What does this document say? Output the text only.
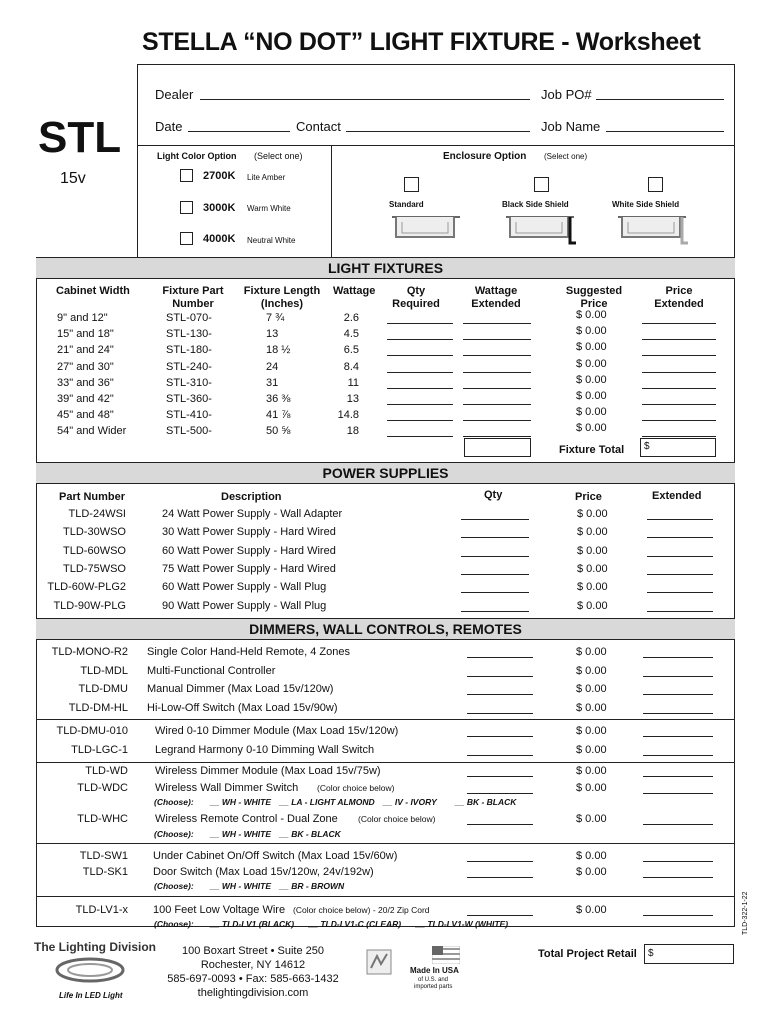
STELLA “NO DOT” LIGHT FIXTURE - Worksheet
STL
15v
Dealer	Job PO#
Date	Contact	Job Name
Light Color Option (Select one)
2700K Lite Amber
3000K Warm White
4000K Neutral White
Enclosure Option (Select one)
Standard	Black Side Shield	White Side Shield
LIGHT FIXTURES
Cabinet Width	Fixture Part Number
Fixture Length (Inches)
Wattage	Qty Required
Wattage Extended
Suggested Price
Price Extended
9" and 12"	STL-070-	7 ¾	2.6	$ 0.00
15" and 18"	STL-130-	13	4.5	$ 0.00
21" and 24"	STL-180-	18 ½	6.5	$ 0.00
27" and 30"	STL-240-	24	8.4	$ 0.00
33" and 36"	STL-310-	31	11	$ 0.00
39" and 42"	STL-360-	36 ⅜	13	$ 0.00
45" and 48"	STL-410-	41 ⅞	14.8	$ 0.00
54" and Wider	STL-500-	50 ⅝	18	$ 0.00
Fixture Total $
POWER SUPPLIES
Part Number	Description	Qty	Price	Extended
TLD-24WSI	24 Watt Power Supply - Wall Adapter	$ 0.00
TLD-30WSO	30 Watt Power Supply - Hard Wired	$ 0.00
TLD-60WSO	60 Watt Power Supply - Hard Wired	$ 0.00
TLD-75WSO	75 Watt Power Supply - Hard Wired	$ 0.00
TLD-60W-PLG2	60 Watt Power Supply - Wall Plug	$ 0.00
TLD-90W-PLG	90 Watt Power Supply - Wall Plug	$ 0.00
DIMMERS, WALL CONTROLS, REMOTES
TLD-MONO-R2 Single Color Hand-Held Remote, 4 Zones	$ 0.00
TLD-MDL Multi-Functional Controller	$ 0.00
TLD-DMU Manual Dimmer (Max Load 15v/120w)	$ 0.00
TLD-DM-HL Hi-Low-Off Switch (Max Load 15v/90w)	$ 0.00
TLD-DMU-010 Wired 0-10 Dimmer Module (Max Load 15v/120w)	$ 0.00
TLD-LGC-1 Legrand Harmony 0-10 Dimming Wall Switch	$ 0.00
TLD-WD Wireless Dimmer Module (Max Load 15v/75w)	$ 0.00
TLD-WDC Wireless Wall Dimmer Switch	$ 0.00
TLD-WHC Wireless Remote Control - Dual Zone	$ 0.00
TLD-SW1 Under Cabinet On/Off Switch (Max Load 15v/60w)	$ 0.00
TLD-SK1 Door Switch (Max Load 15v/120w, 24v/192w)	$ 0.00
TLD-LV1-x 100 Feet Low Voltage Wire	$ 0.00
(Color choice below)
(Color choice below)
(Color choice below) - 20/2 Zip Cord
(Choose): __ WH - WHITE __ LA - LIGHT ALMOND __ IV - IVORY __ BK - BLACK
(Choose): __ WH - WHITE __ BK - BLACK
(Choose): __ WH - WHITE __ BR - BROWN
(Choose): __ TLD-LV1 (BLACK) __ TLD-LV1-C (CLEAR) __ TLD-LV1-W (WHITE)	TLD-322-1-22
The Lighting Division
Life In LED Light
100 Boxart Street • Suite 250
Rochester, NY 14612
585-697-0093 • Fax: 585-663-1432
thelightingdivision.com
Made In USA
of U.S. and
imported parts
Total Project Retail $
